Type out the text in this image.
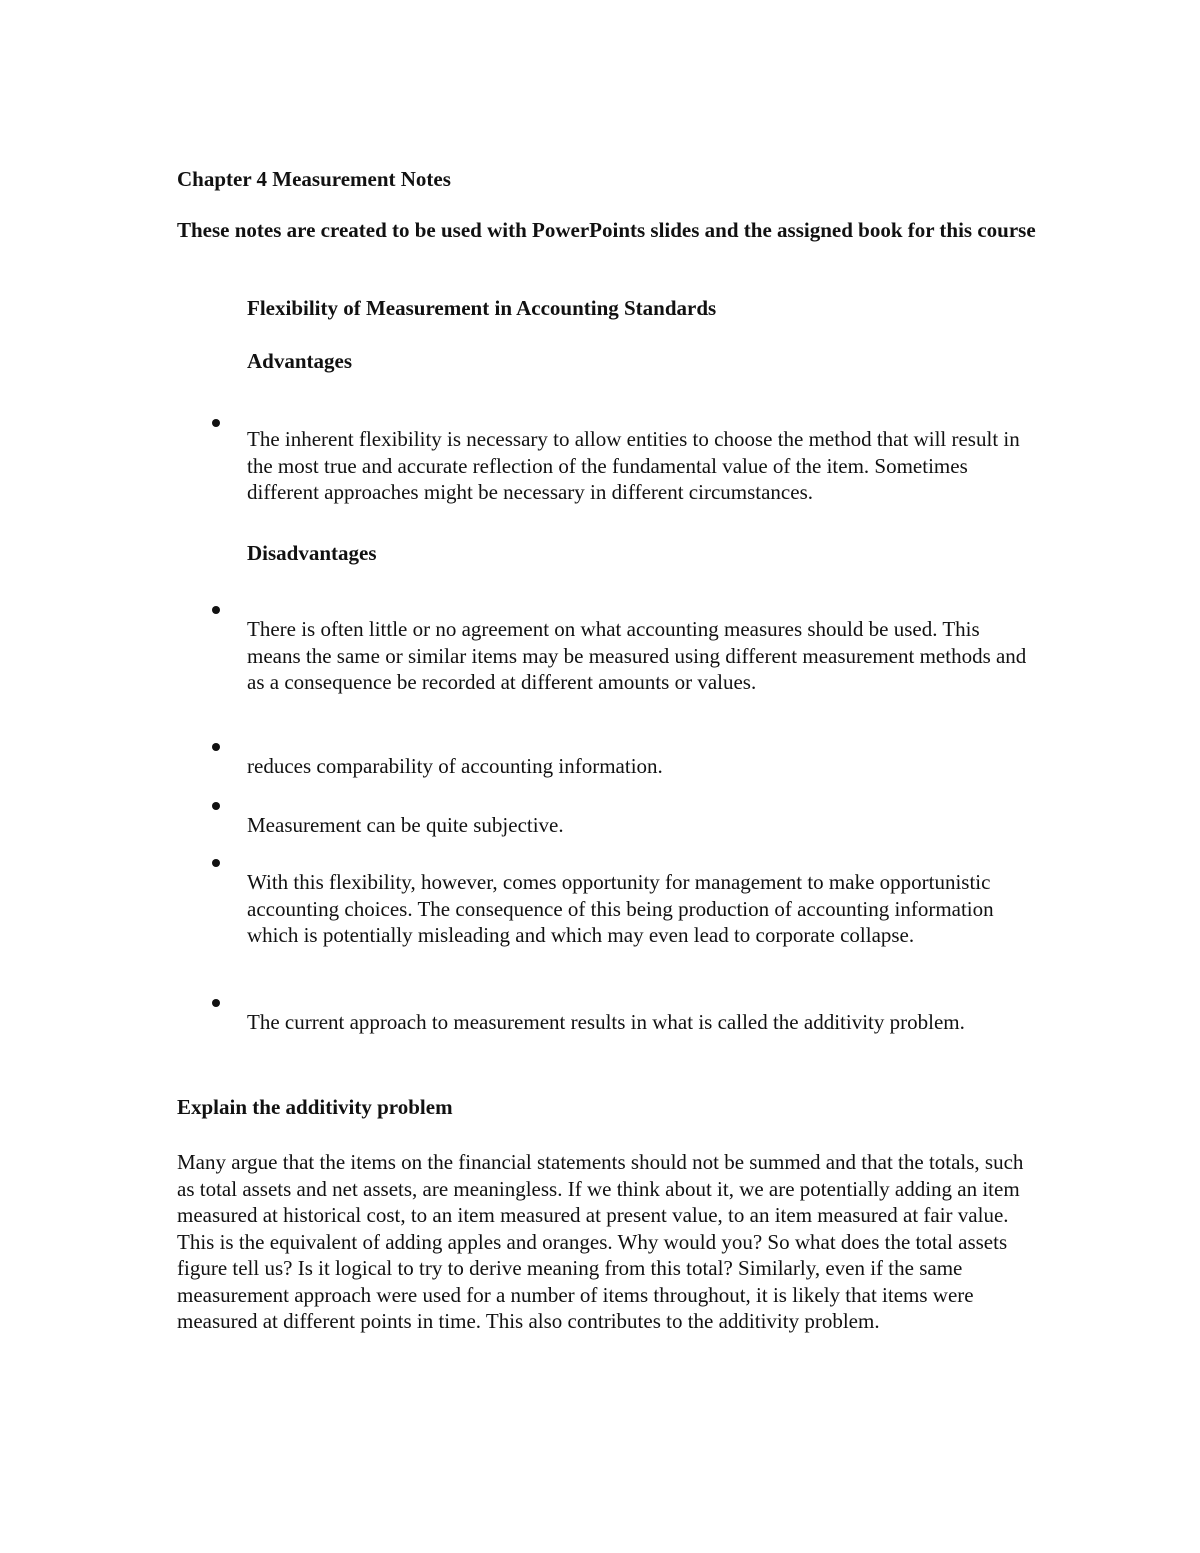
Chapter 4 Measurement Notes

These notes are created to be used with PowerPoints slides and the assigned book for this course

Flexibility of Measurement in Accounting Standards

Advantages

The inherent flexibility is necessary to allow entities to choose the method that will result in the most true and accurate reflection of the fundamental value of the item. Sometimes different approaches might be necessary in different circumstances.

Disadvantages

There is often little or no agreement on what accounting measures should be used. This means the same or similar items may be measured using different measurement methods and as a consequence be recorded at different amounts or values.

reduces comparability of accounting information.

Measurement can be quite subjective.

With this flexibility, however, comes opportunity for management to make opportunistic accounting choices. The consequence of this being production of accounting information which is potentially misleading and which may even lead to corporate collapse.

The current approach to measurement results in what is called the additivity problem.

Explain the additivity problem

Many argue that the items on the financial statements should not be summed and that the totals, such as total assets and net assets, are meaningless. If we think about it, we are potentially adding an item measured at historical cost, to an item measured at present value, to an item measured at fair value. This is the equivalent of adding apples and oranges. Why would you? So what does the total assets figure tell us? Is it logical to try to derive meaning from this total? Similarly, even if the same measurement approach were used for a number of items throughout, it is likely that items were measured at different points in time. This also contributes to the additivity problem.
